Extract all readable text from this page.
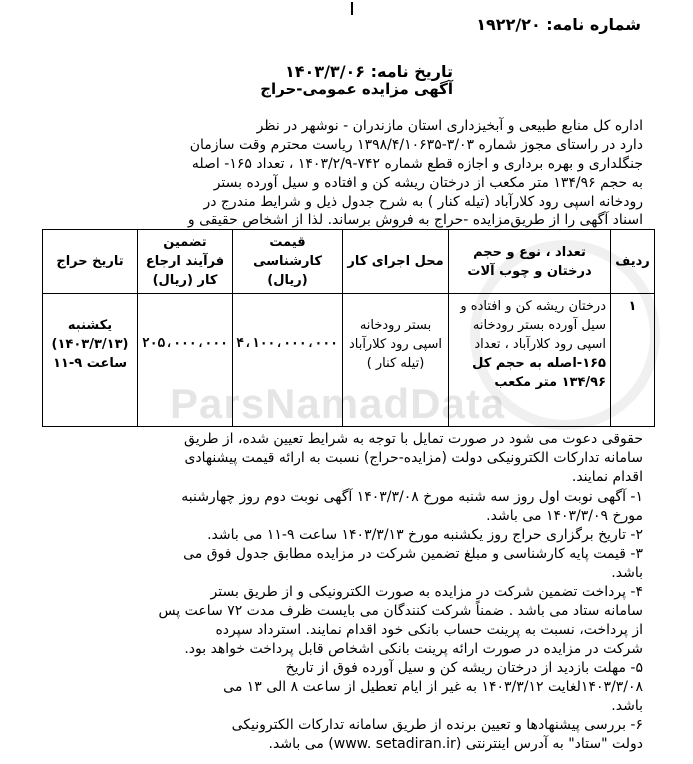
ParsNamadData
شماره نامه: ۱۹۲۲/۲۰
تاریخ نامه: ۱۴۰۳/۳/۰۶
آگهی مزایده عمومی-حراج
اداره کل منابع طبیعی و آبخیزداری استان مازندران - نوشهر در نظر
دارد در راستای مجوز شماره ۳/۰۳-۱۳۹۸/۴/۱۰۶۳۵ ریاست محترم وقت سازمان
جنگلداری و بهره برداری و اجازه قطع شماره ۷۴۲-۱۴۰۳/۲/۹ ، تعداد ۱۶۵- اصله
به حجم ۱۳۴/۹۶ متر مکعب از درختان ریشه کن و افتاده و سیل آورده بستر
رودخانه اسپی رود کلارآباد (تیله کنار ) به شرح جدول ذیل و شرایط مندرج در
اسناد آگهی را از طریق‌مزایده -حراج به فروش برساند. لذا از اشخاص حقیقی و
ردیف	تعداد ، نوع و حجم درختان و چوب آلات	محل اجرای کار	قیمت کارشناسی (ریال)	تضمین فرآیند ارجاع کار (ریال)	تاریخ حراج
۱	درختان ریشه کن و افتاده و سیل آورده بستر رودخانه اسپی رود کلارآباد ، تعداد ۱۶۵-اصله به حجم کل ۱۳۴/۹۶ متر مکعب	بستر رودخانه اسپی رود کلارآباد (تیله کنار )	۴،۱۰۰،۰۰۰،۰۰۰	۲۰۵،۰۰۰،۰۰۰	یکشنبه
(۱۴۰۳/۳/۱۳)
ساعت ۹-۱۱
حقوقی دعوت می شود در صورت تمایل با توجه به شرایط تعیین شده، از طریق
سامانه تدارکات الکترونیکی دولت (مزایده-حراج) نسبت به ارائه قیمت پیشنهادی
اقدام نمایند.
۱- آگهی نوبت اول روز سه شنبه مورخ ۱۴۰۳/۳/۰۸ آگهی نوبت دوم روز چهارشنبه
مورخ ۱۴۰۳/۳/۰۹ می باشد.
۲- تاریخ برگزاری حراج روز یکشنبه مورخ ۱۴۰۳/۳/۱۳ ساعت ۹-۱۱ می باشد.
۳- قیمت پایه کارشناسی و مبلغ تضمین شرکت در مزایده مطابق جدول فوق می
باشد.
۴- پرداخت تضمین شرکت در مزایده به صورت الکترونیکی و از طریق بستر
سامانه ستاد می باشد . ضمناً شرکت کنندگان می بایست ظرف مدت ۷۲ ساعت پس
از پرداخت، نسبت به پرینت حساب بانکی خود اقدام نمایند. استرداد سپرده
شرکت در مزایده در صورت ارائه پرینت بانکی اشخاص قابل پرداخت خواهد بود.
۵- مهلت بازدید از درختان ریشه کن و سیل آورده فوق از تاریخ
۱۴۰۳/۳/۰۸لغایت ۱۴۰۳/۳/۱۲ به غیر از ایام تعطیل از ساعت ۸ الی ۱۳ می
باشد.
۶- بررسی پیشنهادها و تعیین برنده از طریق سامانه تدارکات الکترونیکی
دولت "ستاد" به آدرس اینترنتی (www. setadiran.ir) می باشد.
